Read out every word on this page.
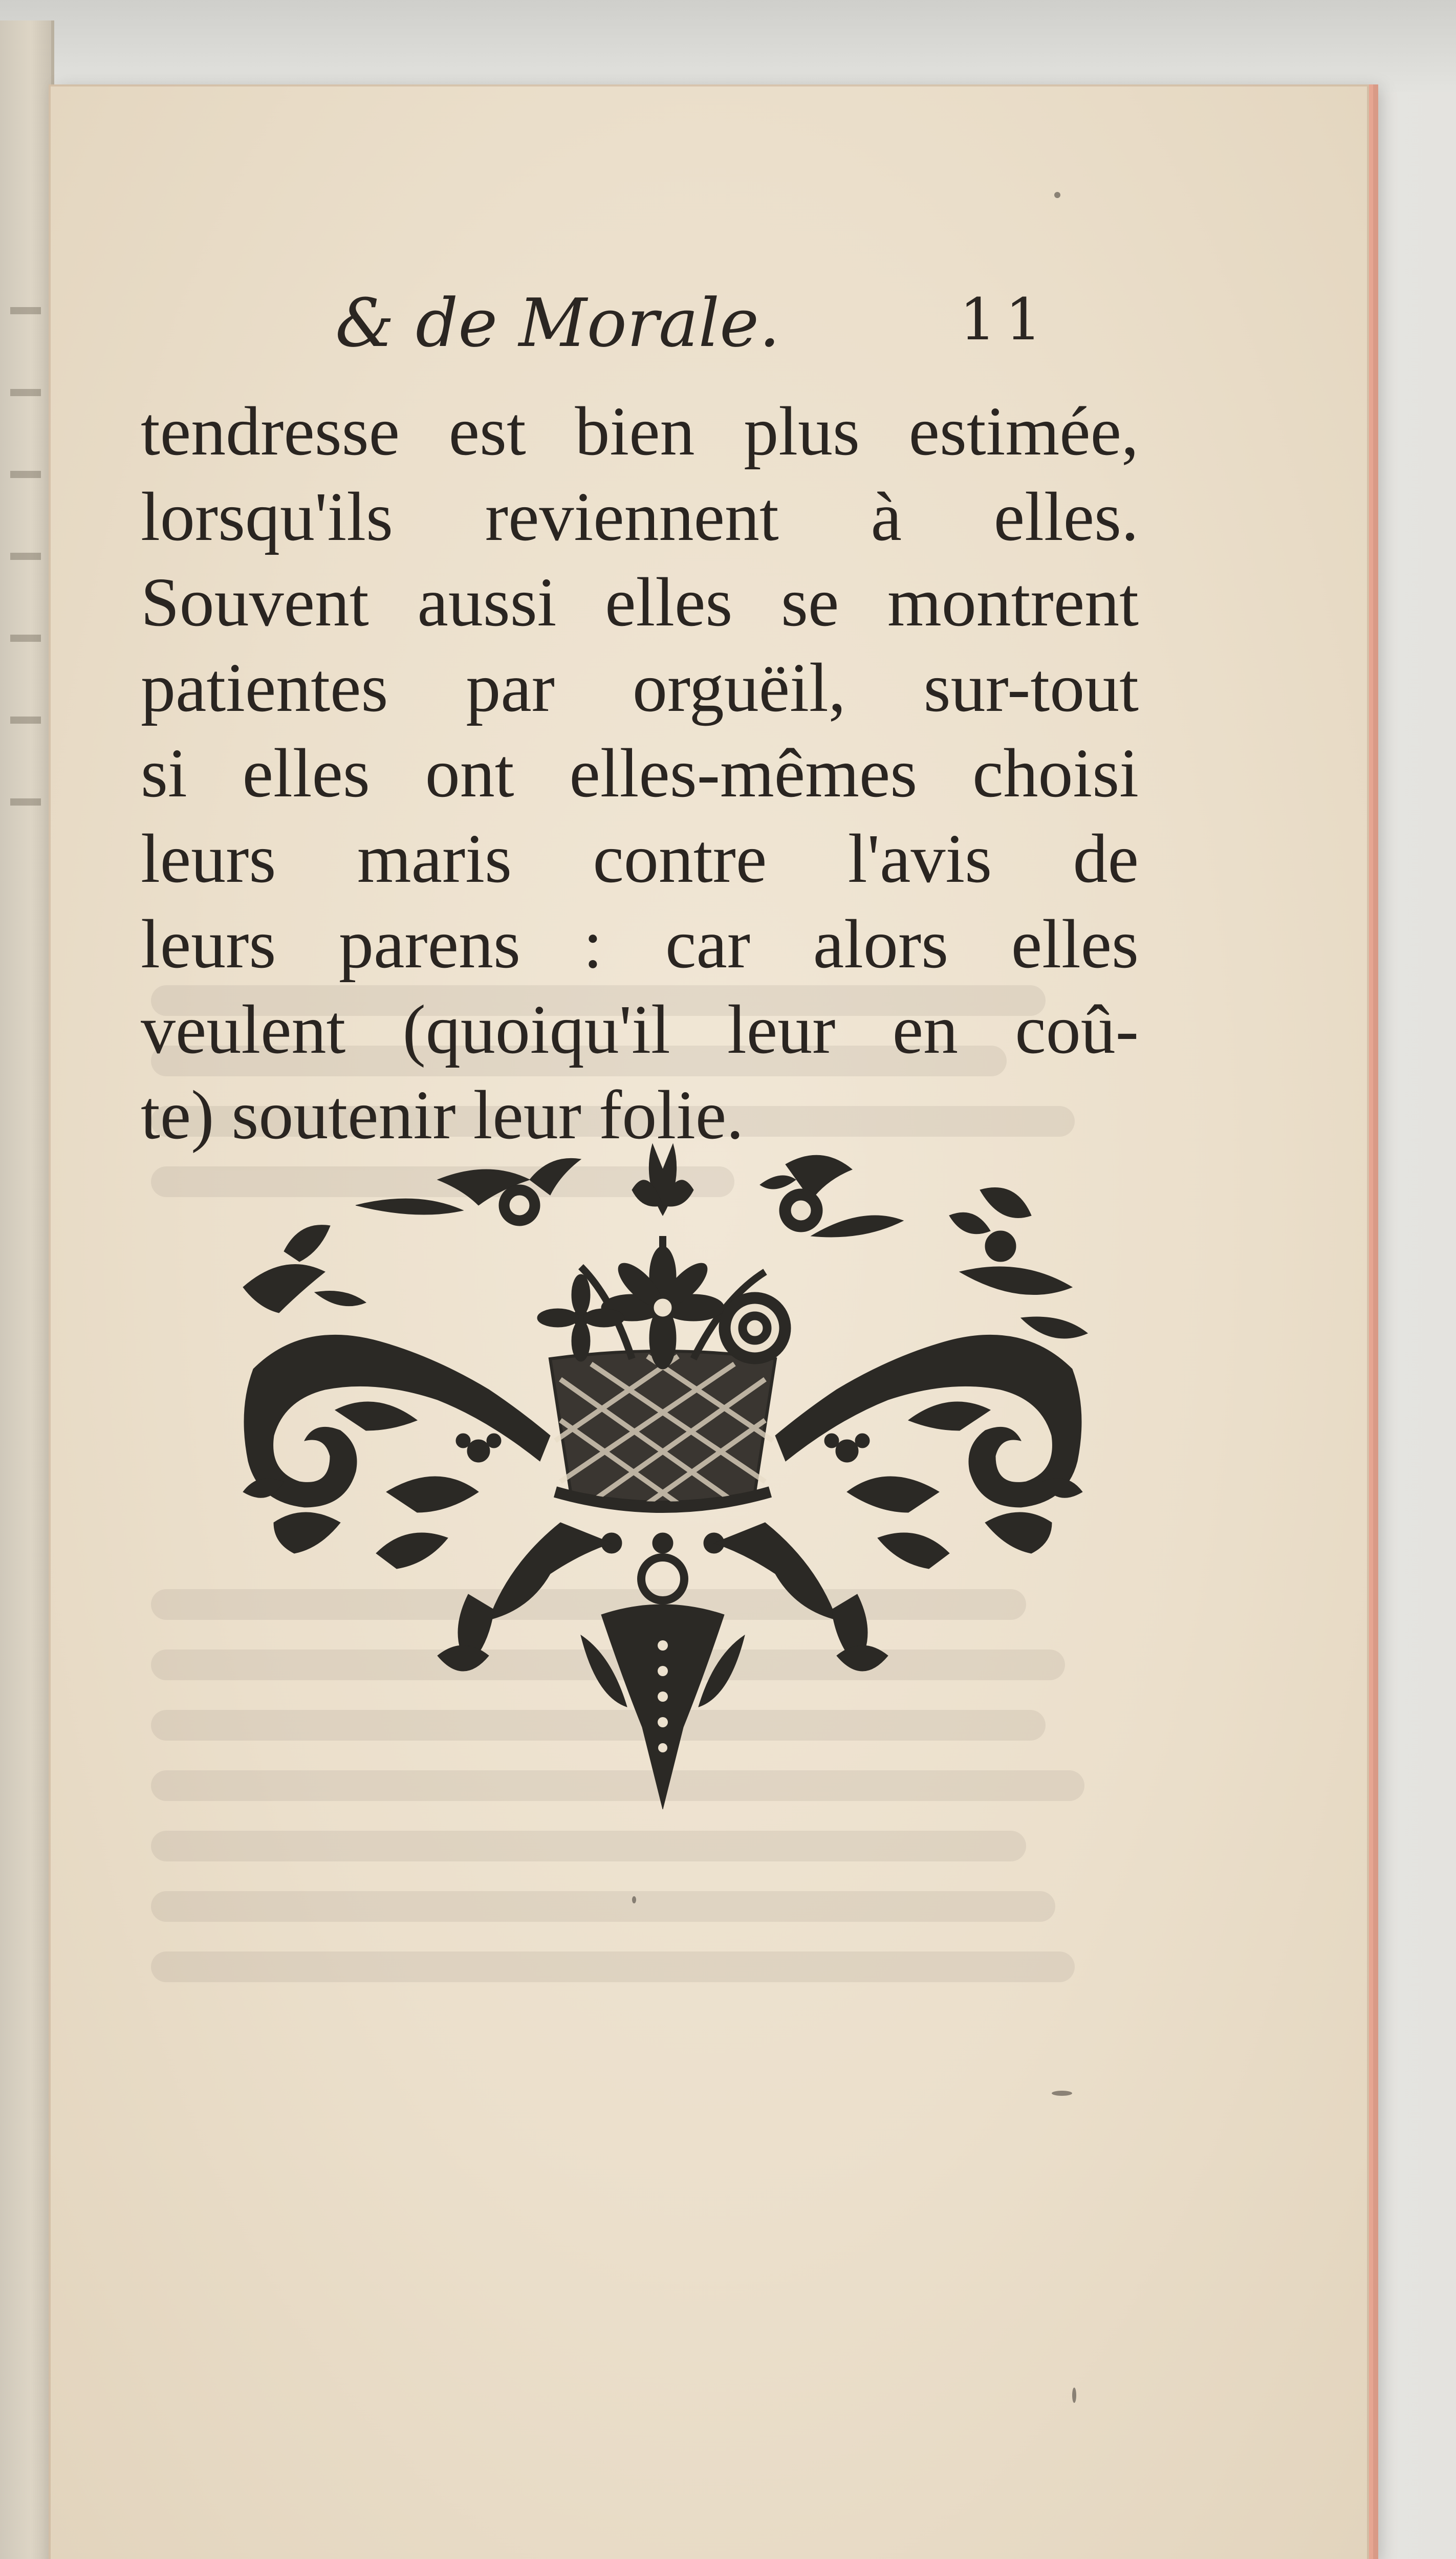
& de Morale.	11
tendresse est bien plus estimée,
lorsqu'ils reviennent à elles.
Souvent aussi elles se montrent
patientes par orguëil, sur-tout
si elles ont elles-mêmes choisi
leurs maris contre l'avis de
leurs parens : car alors elles
veulent (quoiqu'il leur en coû-
te) soutenir leur folie.
